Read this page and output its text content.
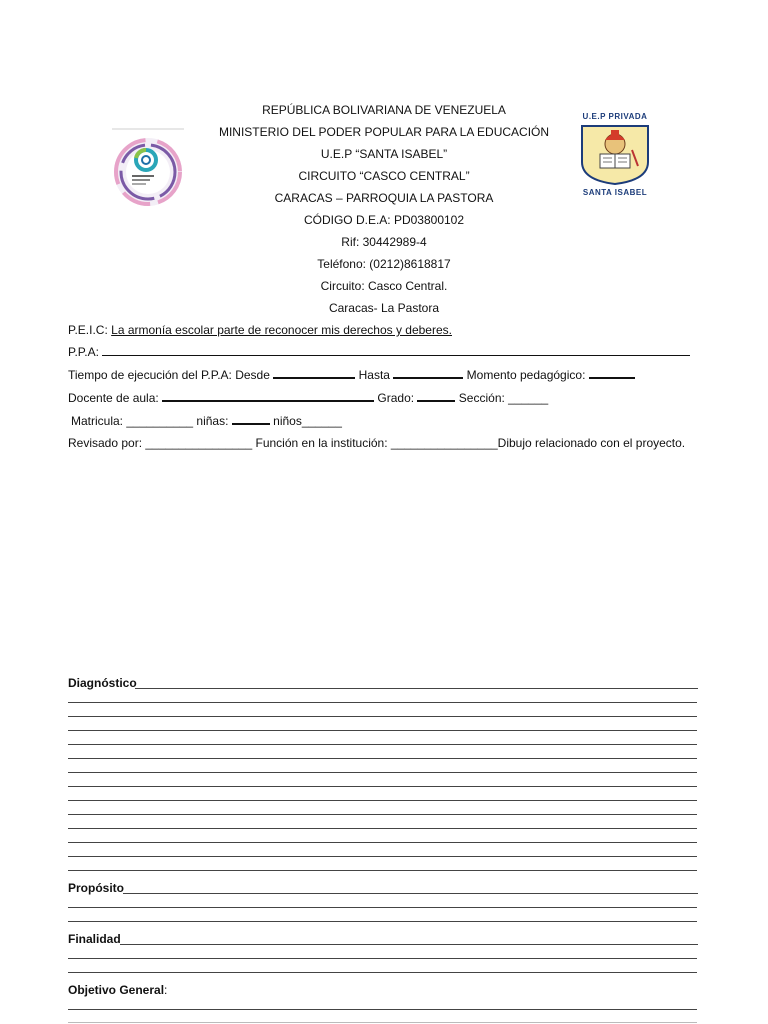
REPÚBLICA BOLIVARIANA DE VENEZUELA
MINISTERIO DEL PODER POPULAR PARA LA EDUCACIÓN
U.E.P “SANTA ISABEL”
CIRCUITO “CASCO CENTRAL”
CARACAS – PARROQUIA LA PASTORA
CÓDIGO D.E.A: PD03800102
Rif: 30442989-4
Teléfono: (0212)8618817
Circuito: Casco Central.
Caracas- La Pastora
U.E.P PRIVADA
SANTA ISABEL
P.E.I.C: La armonía escolar parte de reconocer mis derechos y deberes.
P.P.A:
Tiempo de ejecución del P.P.A: Desde	Hasta	Momento pedagógico:
Docente de aula:	Grado:	Sección: ______
Matricula: __________ niñas:	niños______
Revisado por: ________________ Función en la institución: ________________Dibujo relacionado con el proyecto.
Diagnóstico
Propósito
Finalidad
Objetivo General:
